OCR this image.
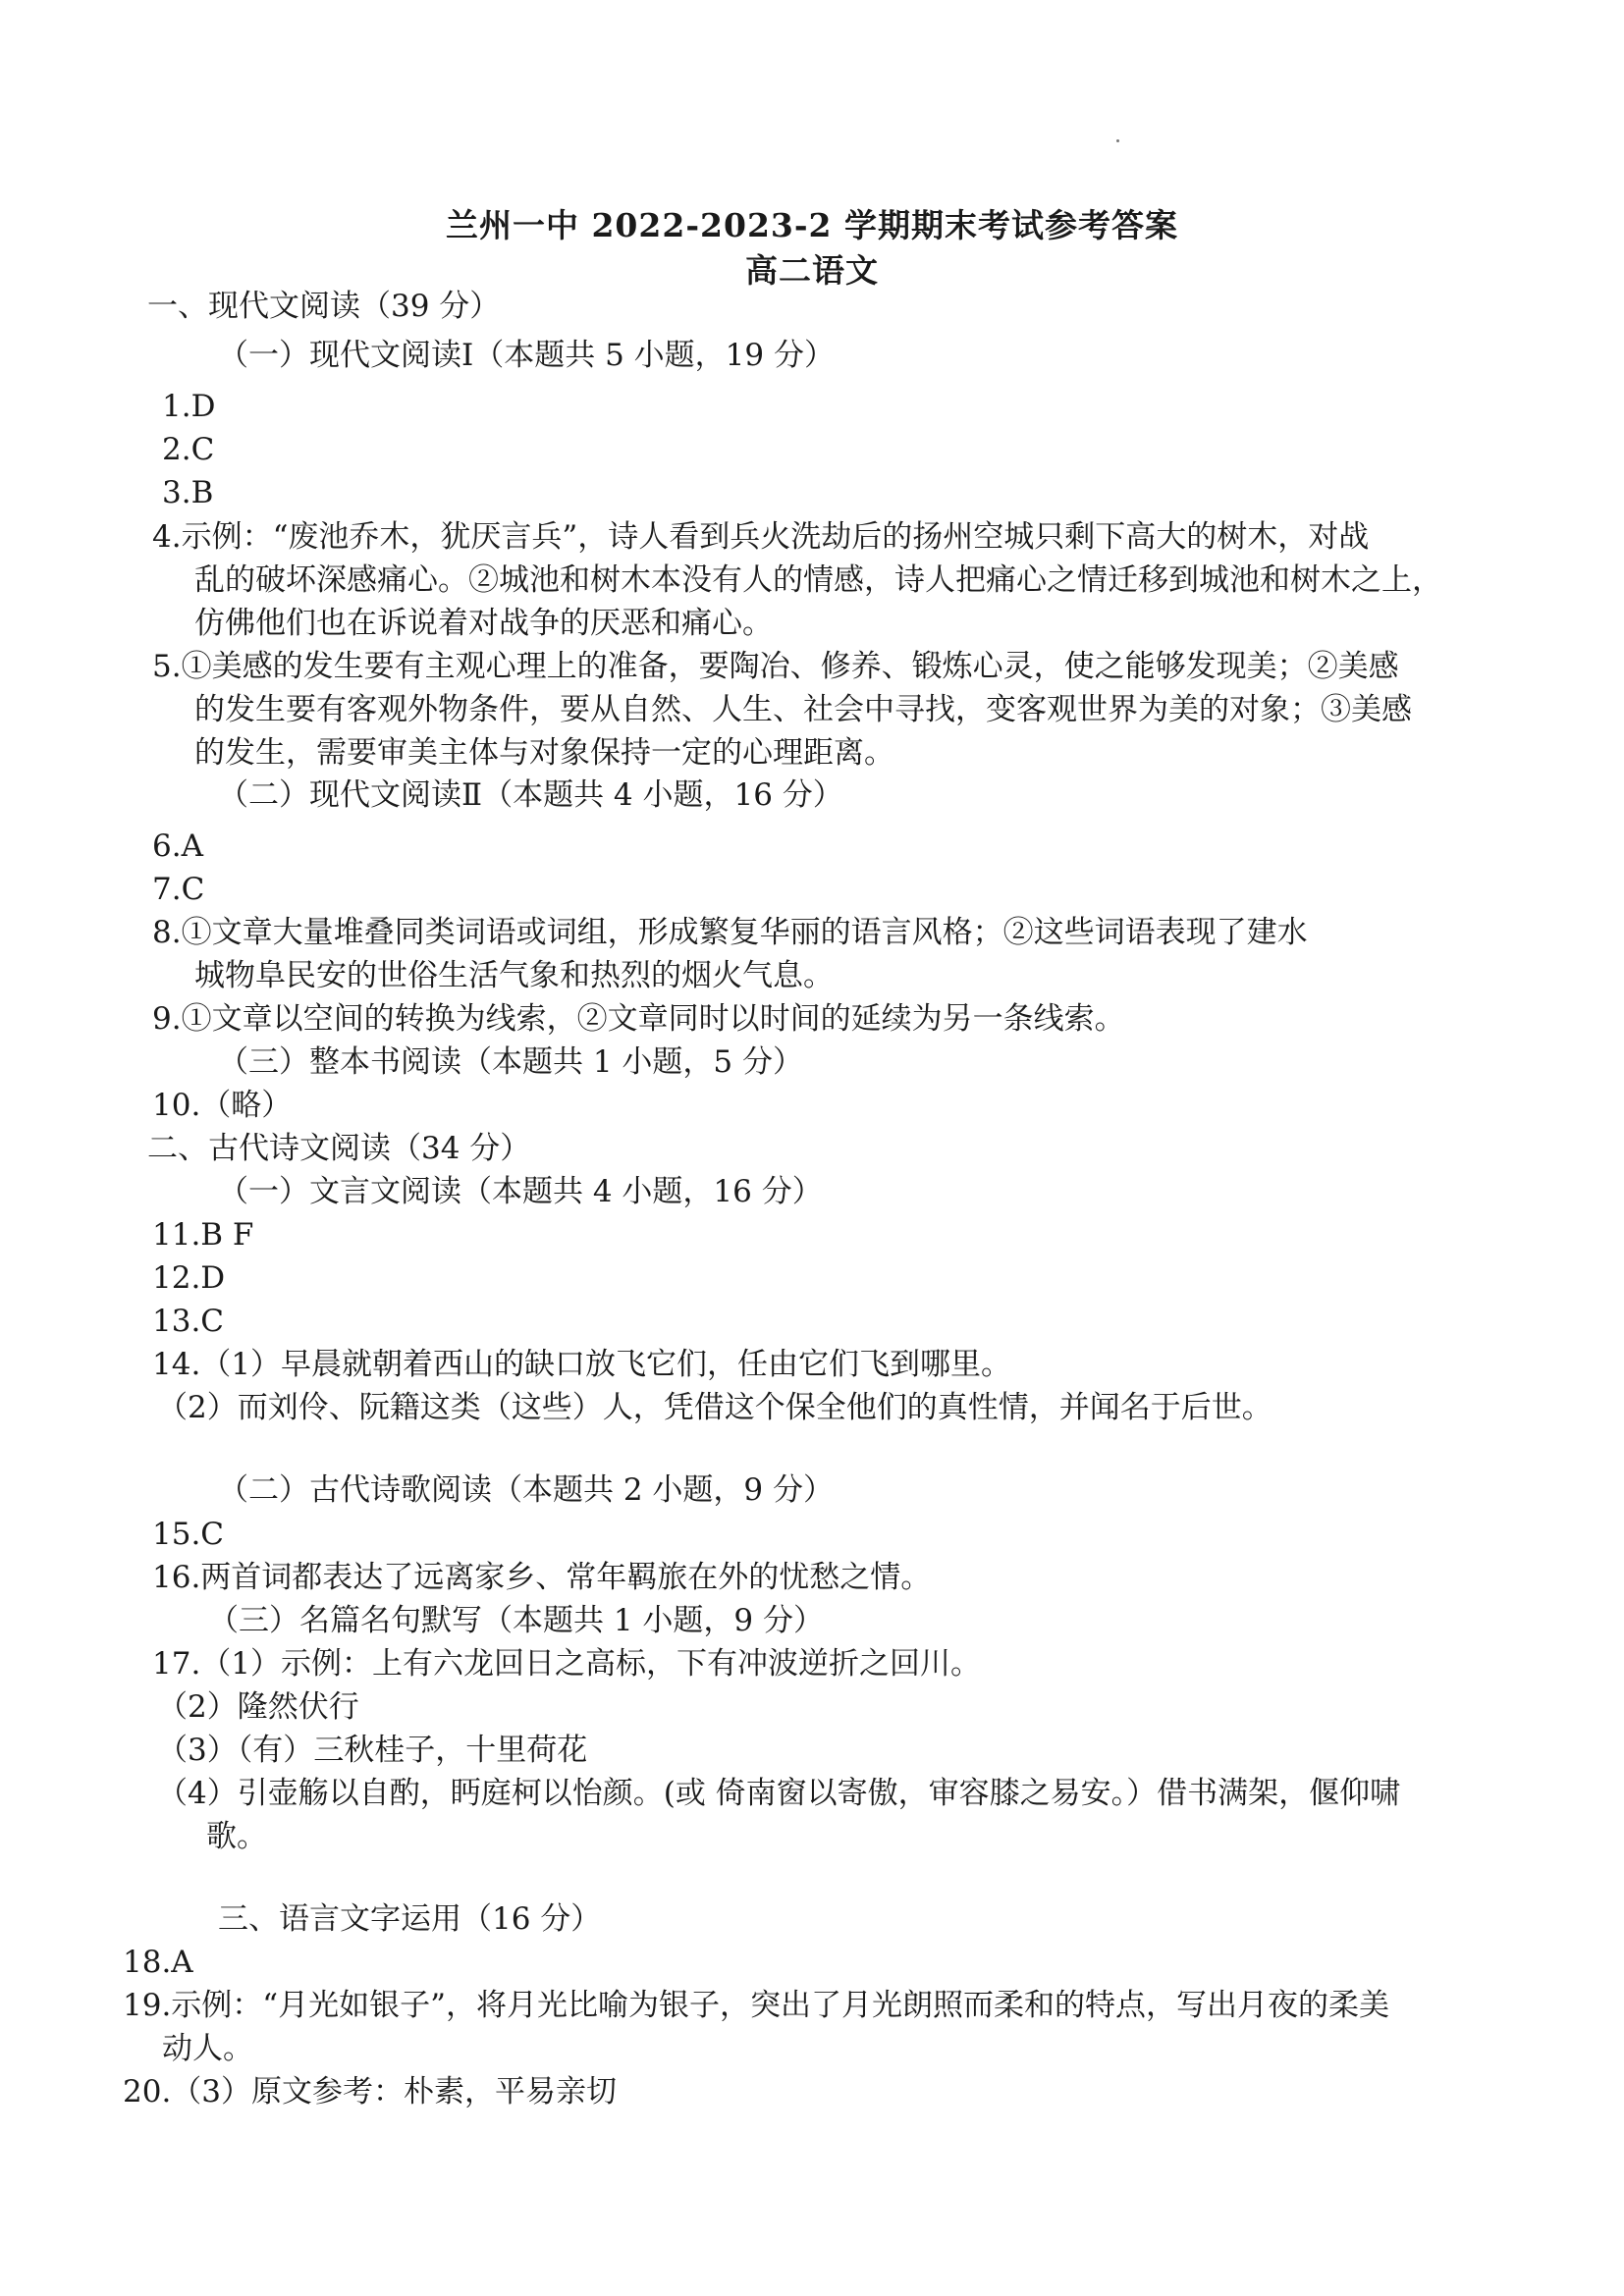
兰州一中 2022-2023-2 学期期末考试参考答案
高二语文
一、现代文阅读（39 分）
（一）现代文阅读Ⅰ（本题共 5 小题，19 分）
1.D
2.C
3.B
4.示例：“废池乔木，犹厌言兵”，诗人看到兵火洗劫后的扬州空城只剩下高大的树木，对战
乱的破坏深感痛心。②城池和树木本没有人的情感，诗人把痛心之情迁移到城池和树木之上，
仿佛他们也在诉说着对战争的厌恶和痛心。
5.①美感的发生要有主观心理上的准备，要陶冶、修养、锻炼心灵，使之能够发现美；②美感
的发生要有客观外物条件，要从自然、人生、社会中寻找，变客观世界为美的对象；③美感
的发生，需要审美主体与对象保持一定的心理距离。
（二）现代文阅读Ⅱ（本题共 4 小题，16 分）
6.A
7.C
8.①文章大量堆叠同类词语或词组，形成繁复华丽的语言风格；②这些词语表现了建水
城物阜民安的世俗生活气象和热烈的烟火气息。
9.①文章以空间的转换为线索，②文章同时以时间的延续为另一条线索。
（三）整本书阅读（本题共 1 小题，5 分）
10.（略）
二、古代诗文阅读（34 分）
（一）文言文阅读（本题共 4 小题，16 分）
11.B F
12.D
13.C
14.（1）早晨就朝着西山的缺口放飞它们，任由它们飞到哪里。
（2）而刘伶、阮籍这类（这些）人，凭借这个保全他们的真性情，并闻名于后世。
（二）古代诗歌阅读（本题共 2 小题，9 分）
15.C
16.两首词都表达了远离家乡、常年羁旅在外的忧愁之情。
（三）名篇名句默写（本题共 1 小题，9 分）
17.（1）示例：上有六龙回日之高标，下有冲波逆折之回川。
（2）隆然伏行
（3）（有）三秋桂子，十里荷花
（4）引壶觞以自酌，眄庭柯以怡颜。(或 倚南窗以寄傲，审容膝之易安。）借书满架，偃仰啸
歌。
三、语言文字运用（16 分）
18.A
19.示例：“月光如银子”，将月光比喻为银子，突出了月光朗照而柔和的特点，写出月夜的柔美
动人。
20.（3）原文参考：朴素，平易亲切
